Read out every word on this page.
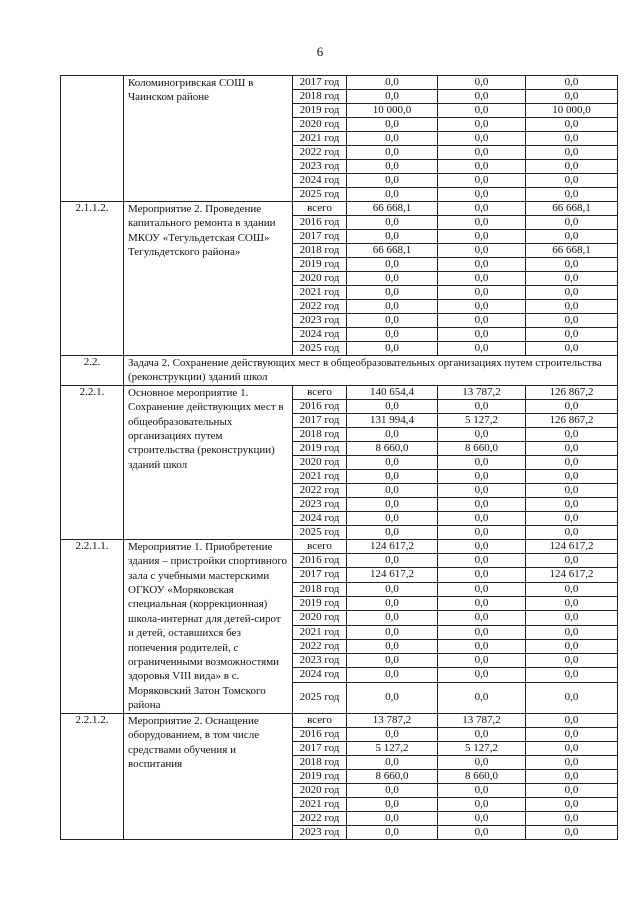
6
	Коломиногривская СОШ в Чаинском районе	2017 год	0,0	0,0	0,0
		2018 год	0,0	0,0	0,0
		2019 год	10 000,0	0,0	10 000,0
		2020 год	0,0	0,0	0,0
		2021 год	0,0	0,0	0,0
		2022 год	0,0	0,0	0,0
		2023 год	0,0	0,0	0,0
		2024 год	0,0	0,0	0,0
		2025 год	0,0	0,0	0,0
2.1.1.2.	Мероприятие 2. Проведение капитального ремонта в здании МКОУ «Тегульдетская СОШ» Тегульдетского района»	всего	66 668,1	0,0	66 668,1
		2016 год	0,0	0,0	0,0
		2017 год	0,0	0,0	0,0
		2018 год	66 668,1	0,0	66 668,1
		2019 год	0,0	0,0	0,0
		2020 год	0,0	0,0	0,0
		2021 год	0,0	0,0	0,0
		2022 год	0,0	0,0	0,0
		2023 год	0,0	0,0	0,0
		2024 год	0,0	0,0	0,0
		2025 год	0,0	0,0	0,0
2.2.	Задача 2. Сохранение действующих мест в общеобразовательных организациях путем строительства (реконструкции) зданий школ				
2.2.1.	Основное мероприятие 1. Сохранение действующих мест в общеобразовательных организациях путем строительства (реконструкции) зданий школ	всего	140 654,4	13 787,2	126 867,2
		2016 год	0,0	0,0	0,0
		2017 год	131 994,4	5 127,2	126 867,2
		2018 год	0,0	0,0	0,0
		2019 год	8 660,0	8 660,0	0,0
		2020 год	0,0	0,0	0,0
		2021 год	0,0	0,0	0,0
		2022 год	0,0	0,0	0,0
		2023 год	0,0	0,0	0,0
		2024 год	0,0	0,0	0,0
		2025 год	0,0	0,0	0,0
2.2.1.1.	Мероприятие 1. Приобретение здания – пристройки спортивного зала с учебными мастерскими ОГКОУ «Моряковская специальная (коррекционная) школа-интернат для детей-сирот и детей, оставшихся без попечения родителей, с ограниченными возможностями здоровья VIII вида» в с. Моряковский Затон Томского района	всего	124 617,2	0,0	124 617,2
		2016 год	0,0	0,0	0,0
		2017 год	124 617,2	0,0	124 617,2
		2018 год	0,0	0,0	0,0
		2019 год	0,0	0,0	0,0
		2020 год	0,0	0,0	0,0
		2021 год	0,0	0,0	0,0
		2022 год	0,0	0,0	0,0
		2023 год	0,0	0,0	0,0
		2024 год	0,0	0,0	0,0
		2025 год	0,0	0,0	0,0
2.2.1.2.	Мероприятие 2. Оснащение оборудованием, в том числе средствами обучения и воспитания	всего	13 787,2	13 787,2	0,0
		2016 год	0,0	0,0	0,0
		2017 год	5 127,2	5 127,2	0,0
		2018 год	0,0	0,0	0,0
		2019 год	8 660,0	8 660,0	0,0
		2020 год	0,0	0,0	0,0
		2021 год	0,0	0,0	0,0
		2022 год	0,0	0,0	0,0
		2023 год	0,0	0,0	0,0
